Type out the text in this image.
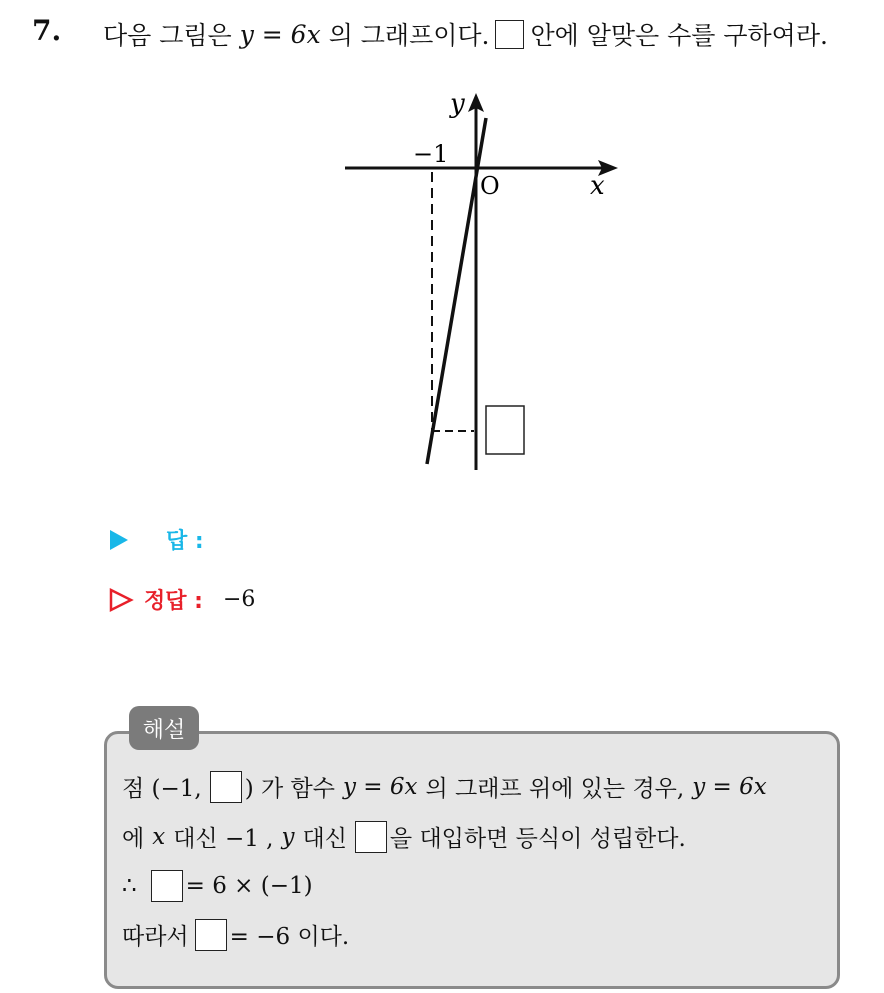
7. 다음 그림은 y = 6x 의 그래프이다. 안에 알맞은 수를 구하여라.
y
x
O
−1
답 :
정답 : −6
해설
점 (−1, ) 가 함수 y = 6x 의 그래프 위에 있는 경우, y = 6x
에 x 대신 −1 , y 대신 을 대입하면 등식이 성립한다.
∴ = 6 × (−1)
따라서 = −6 이다.
